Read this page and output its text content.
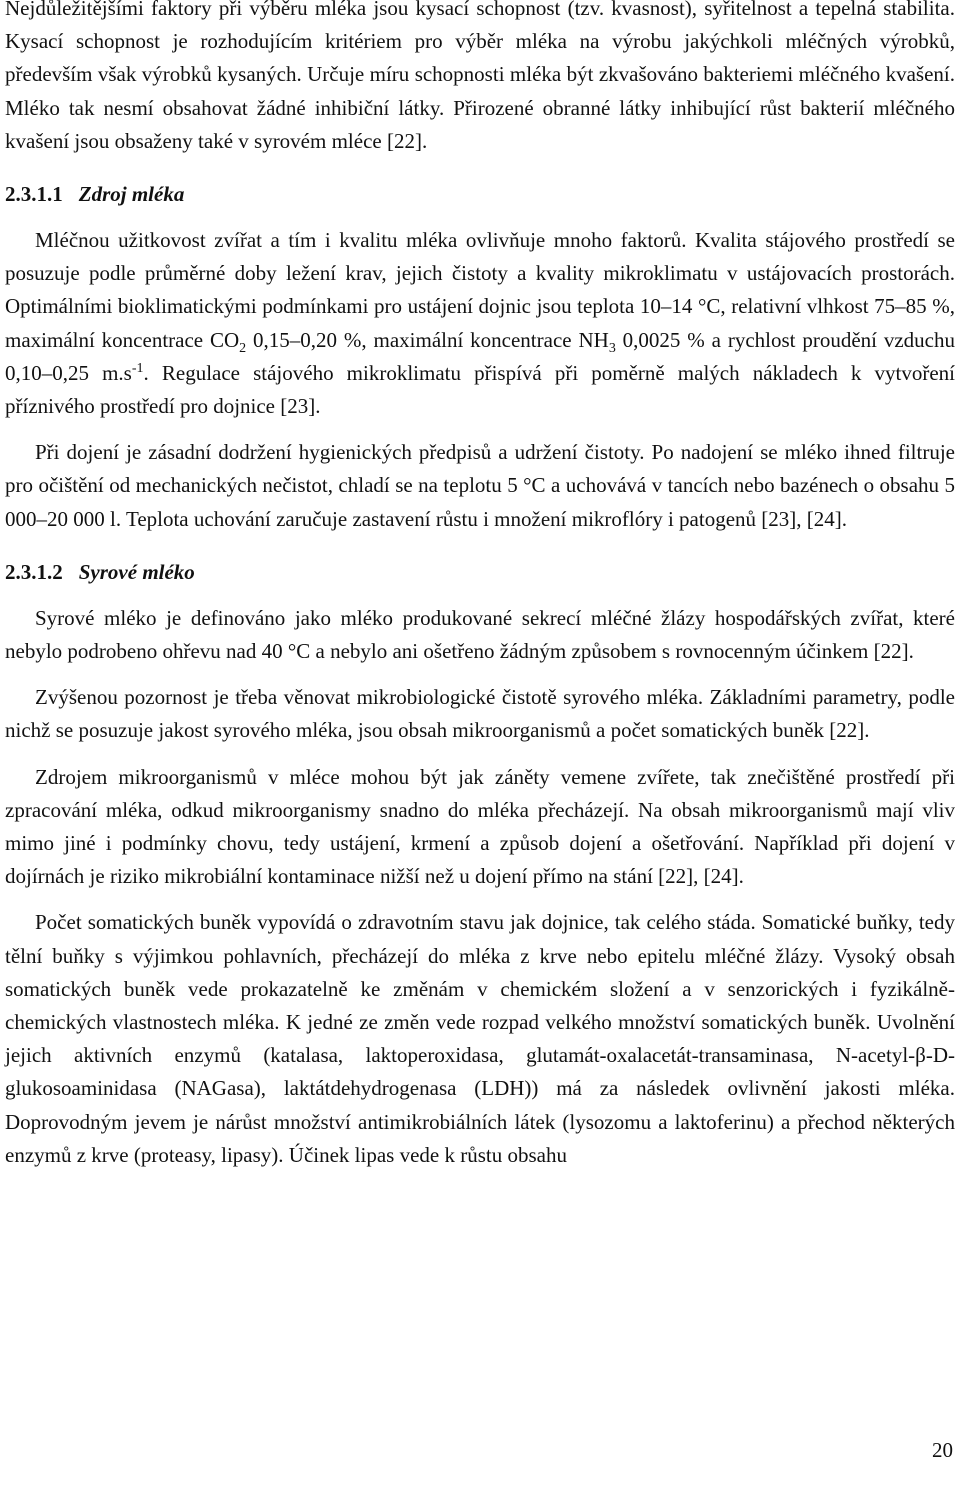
Nejdůležitějšími faktory při výběru mléka jsou kysací schopnost (tzv. kvasnost), syřitelnost a tepelná stabilita. Kysací schopnost je rozhodujícím kritériem pro výběr mléka na výrobu jakýchkoli mléčných výrobků, především však výrobků kysaných. Určuje míru schopnosti mléka být zkvašováno bakteriemi mléčného kvašení. Mléko tak nesmí obsahovat žádné inhibiční látky. Přirozené obranné látky inhibující růst bakterií mléčného kvašení jsou obsaženy také v syrovém mléce [22].

2.3.1.1 Zdroj mléka

Mléčnou užitkovost zvířat a tím i kvalitu mléka ovlivňuje mnoho faktorů. Kvalita stájového prostředí se posuzuje podle průměrné doby ležení krav, jejich čistoty a kvality mikroklimatu v ustájovacích prostorách. Optimálními bioklimatickými podmínkami pro ustájení dojnic jsou teplota 10–14 °C, relativní vlhkost 75–85 %, maximální koncentrace $CO_2$ 0,15–0,20 %, maximální koncentrace $NH_3$ 0,0025 % a rychlost proudění vzduchu 0,10–0,25 $m.s^{-1}$. Regulace stájového mikroklimatu přispívá při poměrně malých nákladech k vytvoření příznivého prostředí pro dojnice [23].

Při dojení je zásadní dodržení hygienických předpisů a udržení čistoty. Po nadojení se mléko ihned filtruje pro očištění od mechanických nečistot, chladí se na teplotu 5 °C a uchovává v tancích nebo bazénech o obsahu 5 000–20 000 l. Teplota uchování zaručuje zastavení růstu i množení mikroflóry i patogenů [23], [24].

2.3.1.2 Syrové mléko

Syrové mléko je definováno jako mléko produkované sekrecí mléčné žlázy hospodářských zvířat, které nebylo podrobeno ohřevu nad 40 °C a nebylo ani ošetřeno žádným způsobem s rovnocenným účinkem [22].

Zvýšenou pozornost je třeba věnovat mikrobiologické čistotě syrového mléka. Základními parametry, podle nichž se posuzuje jakost syrového mléka, jsou obsah mikroorganismů a počet somatických buněk [22].

Zdrojem mikroorganismů v mléce mohou být jak záněty vemene zvířete, tak znečištěné prostředí při zpracování mléka, odkud mikroorganismy snadno do mléka přecházejí. Na obsah mikroorganismů mají vliv mimo jiné i podmínky chovu, tedy ustájení, krmení a způsob dojení a ošetřování. Například při dojení v dojírnách je riziko mikrobiální kontaminace nižší než u dojení přímo na stání [22], [24].

Počet somatických buněk vypovídá o zdravotním stavu jak dojnice, tak celého stáda. Somatické buňky, tedy tělní buňky s výjimkou pohlavních, přecházejí do mléka z krve nebo epitelu mléčné žlázy. Vysoký obsah somatických buněk vede prokazatelně ke změnám v chemickém složení a v senzorických i fyzikálně-chemických vlastnostech mléka. K jedné ze změn vede rozpad velkého množství somatických buněk. Uvolnění jejich aktivních enzymů (katalasa, laktoperoxidasa, glutamát-oxalacetát-transaminasa, N-acetyl-β-D-glukosoaminidasa (NAGasa), laktátdehydrogenasa (LDH)) má za následek ovlivnění jakosti mléka. Doprovodným jevem je nárůst množství antimikrobiálních látek (lysozomu a laktoferinu) a přechod některých enzymů z krve (proteasy, lipasy). Účinek lipas vede k růstu obsahu

20
